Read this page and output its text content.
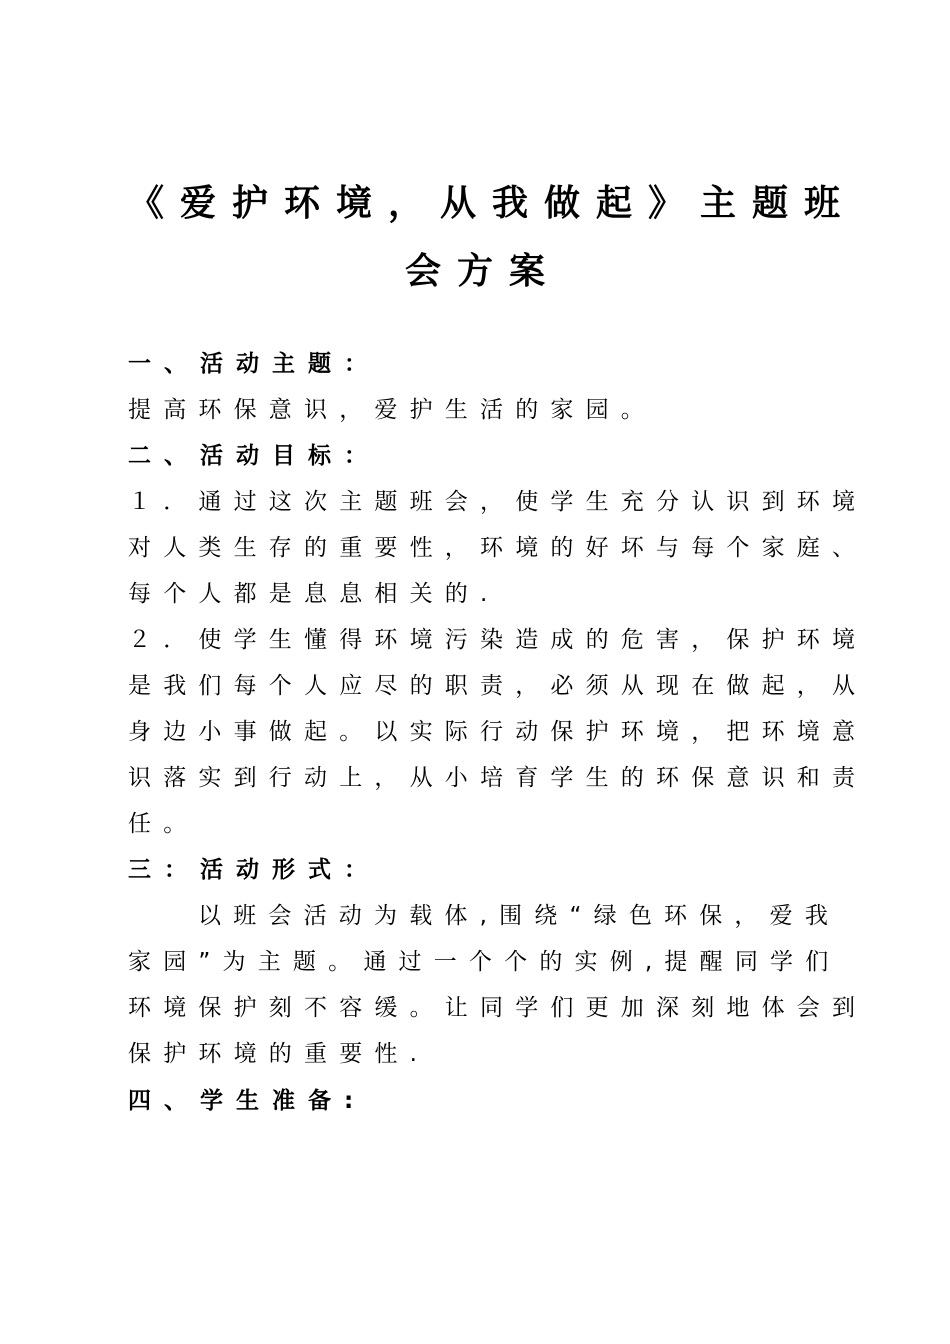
《爱护环境，从我做起》主题班
会方案
一、活动主题：
提高环保意识，爱护生活的家园。
二、活动目标：
１．通过这次主题班会，使学生充分认识到环境
对人类生存的重要性，环境的好坏与每个家庭、
每个人都是息息相关的.
２．使学生懂得环境污染造成的危害，保护环境
是我们每个人应尽的职责，必须从现在做起，从
身边小事做起。以实际行动保护环境，把环境意
识落实到行动上，从小培育学生的环保意识和责
任。
三：活动形式：
以班会活动为载体,围绕“绿色环保，爱我
家园”为主题。通过一个个的实例,提醒同学们
环境保护刻不容缓。让同学们更加深刻地体会到
保护环境的重要性.
四、学生准备:
